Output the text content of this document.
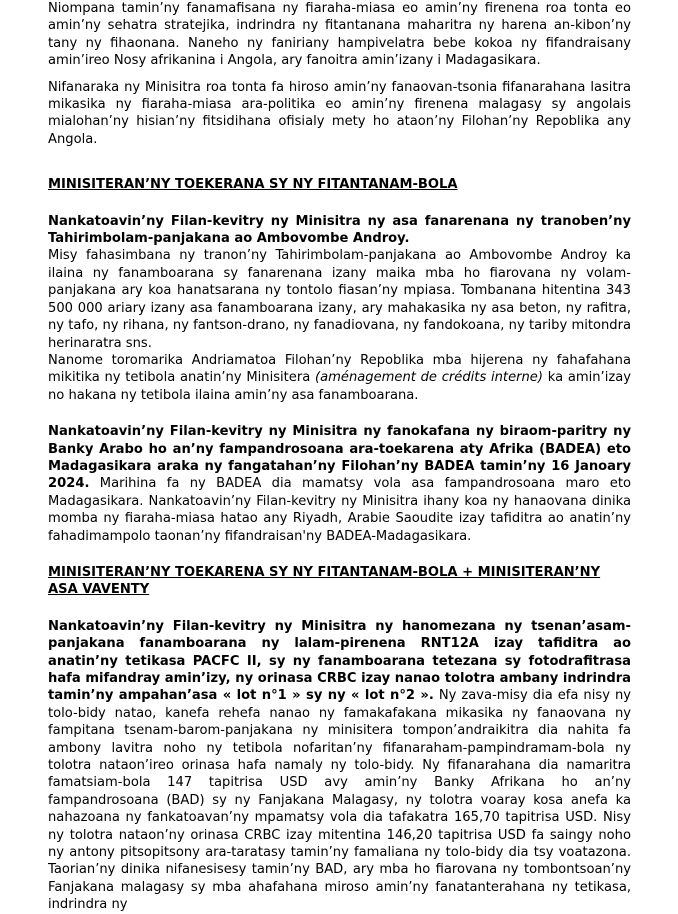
Niompana tamin’ny fanamafisana ny fiaraha-miasa eo amin’ny firenena roa tonta eo amin’ny sehatra stratejika, indrindra ny fitantanana maharitra ny harena an-kibon’ny tany ny fihaonana. Naneho ny faniriany hampivelatra bebe kokoa ny fifandraisany amin’ireo Nosy afrikanina i Angola, ary fanoitra amin’izany i Madagasikara.

Nifanaraka ny Minisitra roa tonta fa hiroso amin’ny fanaovan-tsonia fifanarahana lasitra mikasika ny fiaraha-miasa ara-politika eo amin’ny firenena malagasy sy angolais mialohan’ny hisian’ny fitsidihana ofisialy mety ho ataon’ny Filohan’ny Repoblika any Angola.

MINISITERAN’NY TOEKERANA SY NY FITANTANAM-BOLA

Nankatoavin’ny Filan-kevitry ny Minisitra ny asa fanarenana ny tranoben’ny Tahirimbolam-panjakana ao Ambovombe Androy.

Misy fahasimbana ny tranon’ny Tahirimbolam-panjakana ao Ambovombe Androy ka ilaina ny fanamboarana sy fanarenana izany maika mba ho fiarovana ny volam-panjakana ary koa hanatsarana ny tontolo fiasan’ny mpiasa. Tombanana hitentina 343 500 000 ariary izany asa fanamboarana izany, ary mahakasika ny asa beton, ny rafitra, ny tafo, ny rihana, ny fantson-drano, ny fanadiovana, ny fandokoana, ny tariby mitondra herinaratra sns.

Nanome toromarika Andriamatoa Filohan’ny Repoblika mba hijerena ny fahafahana mikitika ny tetibola anatin’ny Minisitera (aménagement de crédits interne) ka amin’izay no hakana ny tetibola ilaina amin’ny asa fanamboarana.

Nankatoavin’ny Filan-kevitry ny Minisitra ny fanokafana ny biraom-paritry ny Banky Arabo ho an’ny fampandrosoana ara-toekarena aty Afrika (BADEA) eto Madagasikara araka ny fangatahan’ny Filohan’ny BADEA tamin’ny 16 Janoary 2024. Marihina fa ny BADEA dia mamatsy vola asa fampandrosoana maro eto Madagasikara. Nankatoavin’ny Filan-kevitry ny Minisitra ihany koa ny hanaovana dinika momba ny fiaraha-miasa hatao any Riyadh, Arabie Saoudite izay tafiditra ao anatin’ny fahadimampolo taonan’ny fifandraisan'ny BADEA-Madagasikara.

MINISITERAN’NY TOEKARENA SY NY FITANTANAM-BOLA + MINISITERAN’NY ASA VAVENTY

Nankatoavin’ny Filan-kevitry ny Minisitra ny hanomezana ny tsenan’asam-panjakana fanamboarana ny lalam-pirenena RNT12A izay tafiditra ao anatin’ny tetikasa PACFC II, sy ny fanamboarana tetezana sy fotodrafitrasa hafa mifandray amin’izy, ny orinasa CRBC izay nanao tolotra ambany indrindra tamin’ny ampahan’asa « lot n°1 » sy ny « lot n°2 ». Ny zava-misy dia efa nisy ny tolo-bidy natao, kanefa rehefa nanao ny famakafakana mikasika ny fanaovana ny fampitana tsenam-barom-panjakana ny minisitera tompon’andraikitra dia nahita fa ambony lavitra noho ny tetibola nofaritan’ny fifanaraham-pampindramam-bola ny tolotra nataon’ireo orinasa hafa namaly ny tolo-bidy. Ny fifanarahana dia namaritra famatsiam-bola 147 tapitrisa USD avy amin’ny Banky Afrikana ho an’ny fampandrosoana (BAD) sy ny Fanjakana Malagasy, ny tolotra voaray kosa anefa ka nahazoana ny fankatoavan’ny mpamatsy vola dia tafakatra 165,70 tapitrisa USD. Nisy ny tolotra nataon’ny orinasa CRBC izay mitentina 146,20 tapitrisa USD fa saingy noho ny antony pitsopitsony ara-taratasy tamin’ny famaliana ny tolo-bidy dia tsy voatazona. Taorian’ny dinika nifanesisesy tamin’ny BAD, ary mba ho fiarovana ny tombontsoan’ny Fanjakana malagasy sy mba ahafahana miroso amin’ny fanatanterahana ny tetikasa, indrindra ny
